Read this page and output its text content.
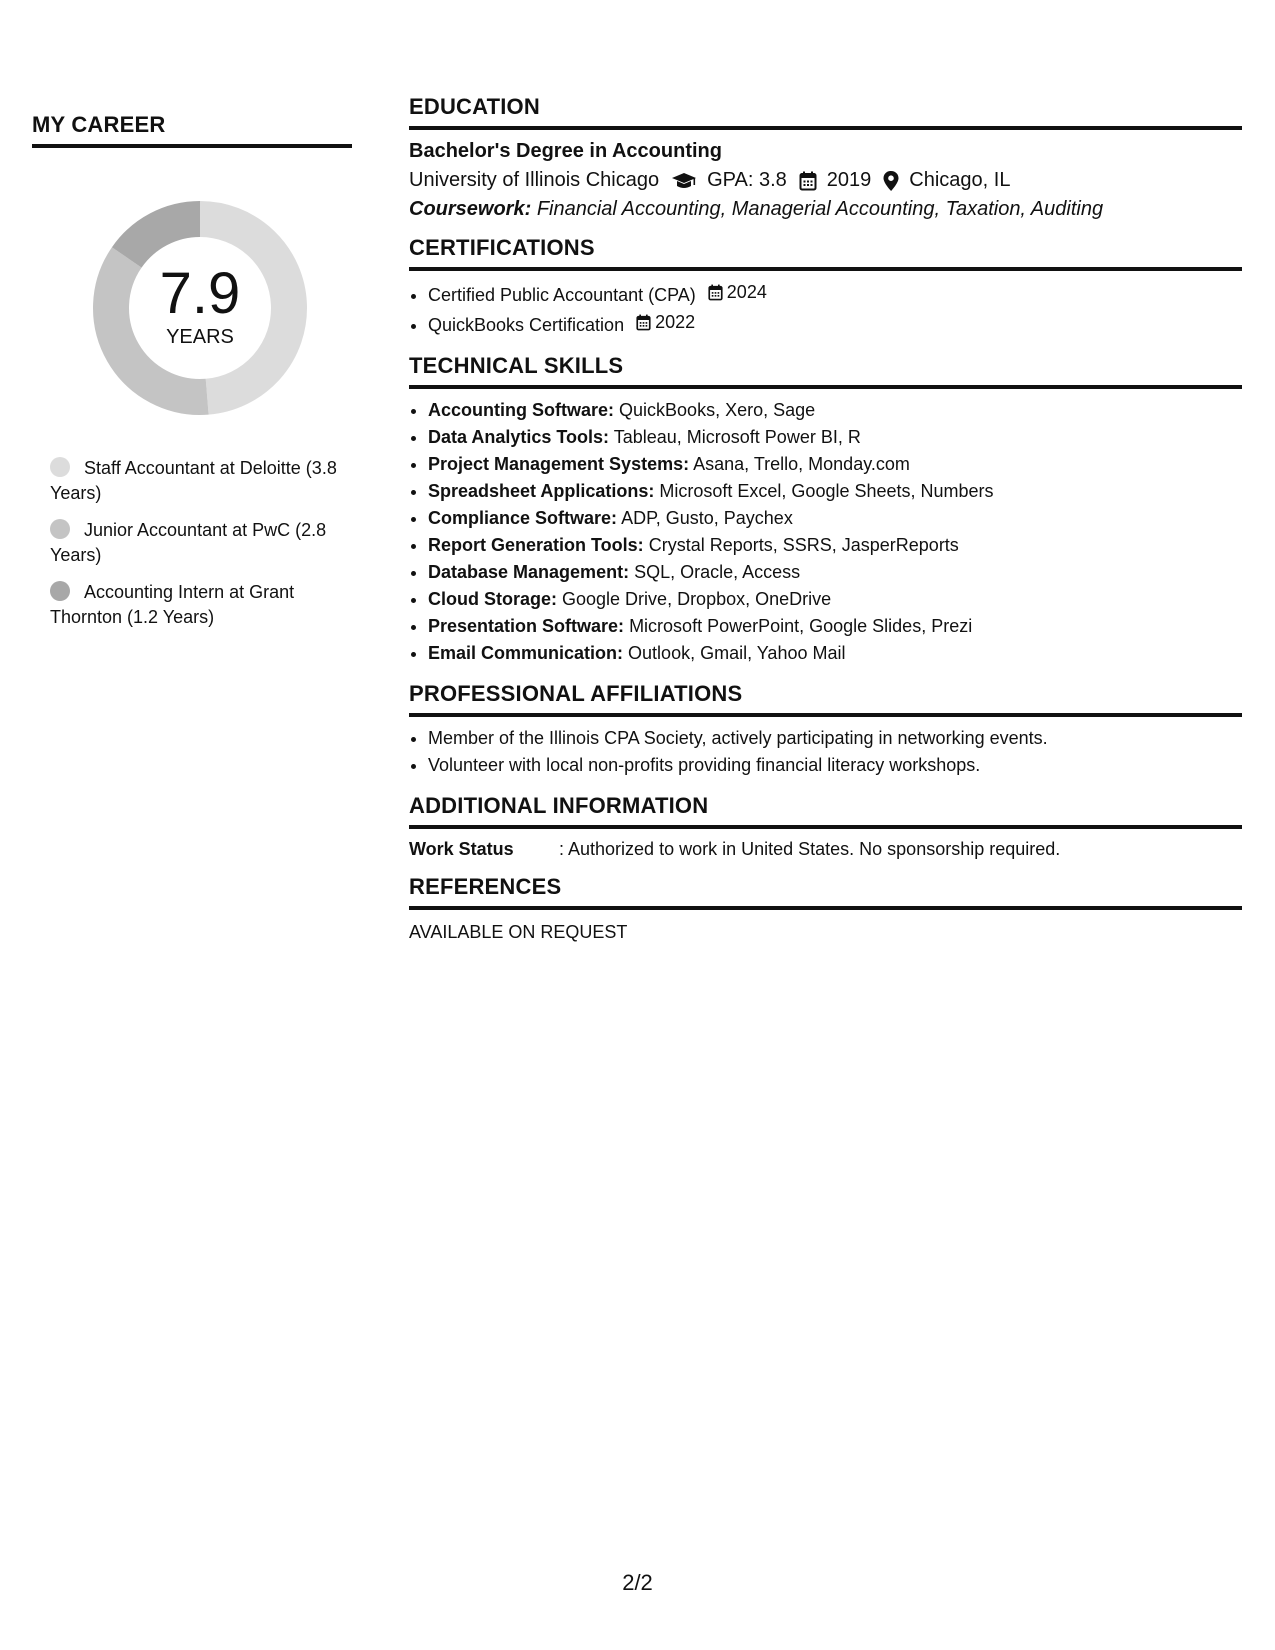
MY CAREER
7.9
YEARS
Staff Accountant at Deloitte (3.8 Years)
Junior Accountant at PwC (2.8 Years)
Accounting Intern at Grant Thornton (1.2 Years)
EDUCATION
Bachelor's Degree in Accounting
University of Illinois Chicago GPA: 3.8 2019 Chicago, IL
Coursework: Financial Accounting, Managerial Accounting, Taxation, Auditing
CERTIFICATIONS
• Certified Public Accountant (CPA) 2024
• QuickBooks Certification 2022
TECHNICAL SKILLS
• Accounting Software: QuickBooks, Xero, Sage
• Data Analytics Tools: Tableau, Microsoft Power BI, R
• Project Management Systems: Asana, Trello, Monday.com
• Spreadsheet Applications: Microsoft Excel, Google Sheets, Numbers
• Compliance Software: ADP, Gusto, Paychex
• Report Generation Tools: Crystal Reports, SSRS, JasperReports
• Database Management: SQL, Oracle, Access
• Cloud Storage: Google Drive, Dropbox, OneDrive
• Presentation Software: Microsoft PowerPoint, Google Slides, Prezi
• Email Communication: Outlook, Gmail, Yahoo Mail
PROFESSIONAL AFFILIATIONS
• Member of the Illinois CPA Society, actively participating in networking events.
• Volunteer with local non-profits providing financial literacy workshops.
ADDITIONAL INFORMATION
Work Status	: Authorized to work in United States. No sponsorship required.
REFERENCES
AVAILABLE ON REQUEST
2/2
